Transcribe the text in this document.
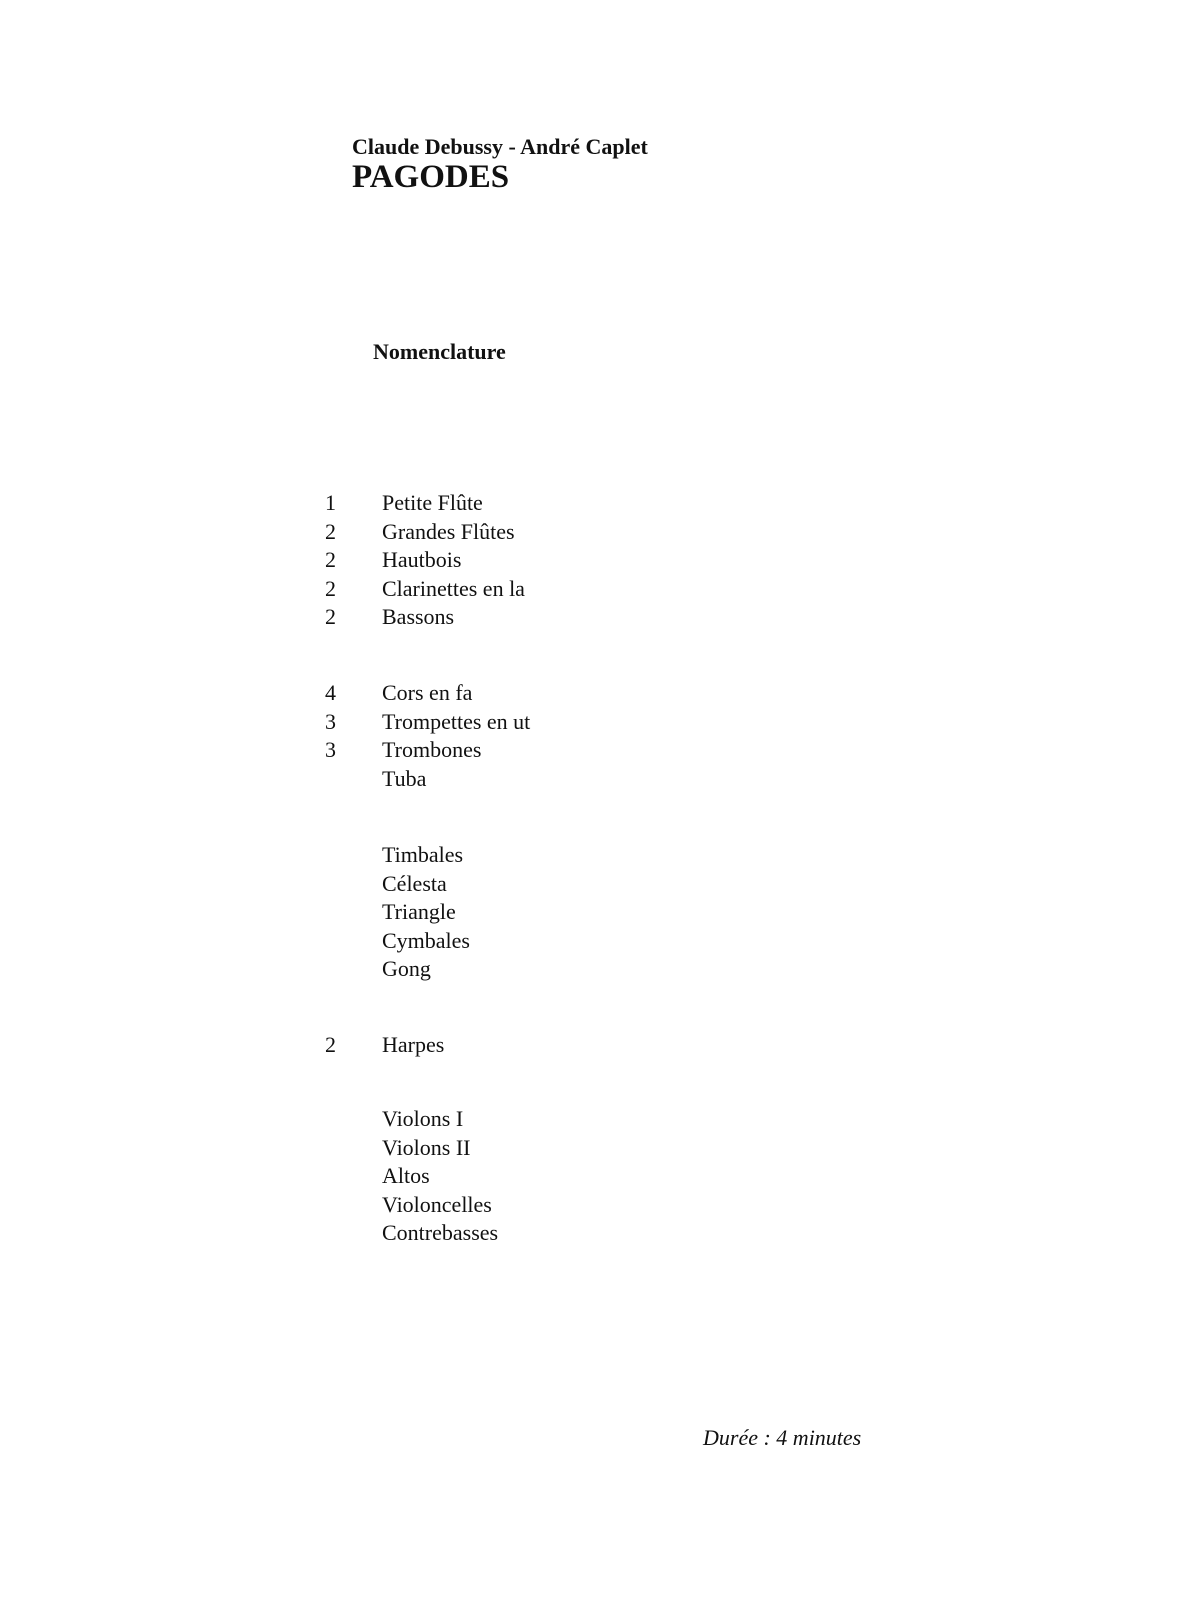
Claude Debussy - André Caplet
PAGODES
Nomenclature
1	Petite Flûte
2	Grandes Flûtes
2	Hautbois
2	Clarinettes en la
2	Bassons
4	Cors en fa
3	Trompettes en ut
3	Trombones
Tuba
Timbales
Célesta
Triangle
Cymbales
Gong
2	Harpes
Violons I
Violons II
Altos
Violoncelles
Contrebasses
Durée : 4 minutes
